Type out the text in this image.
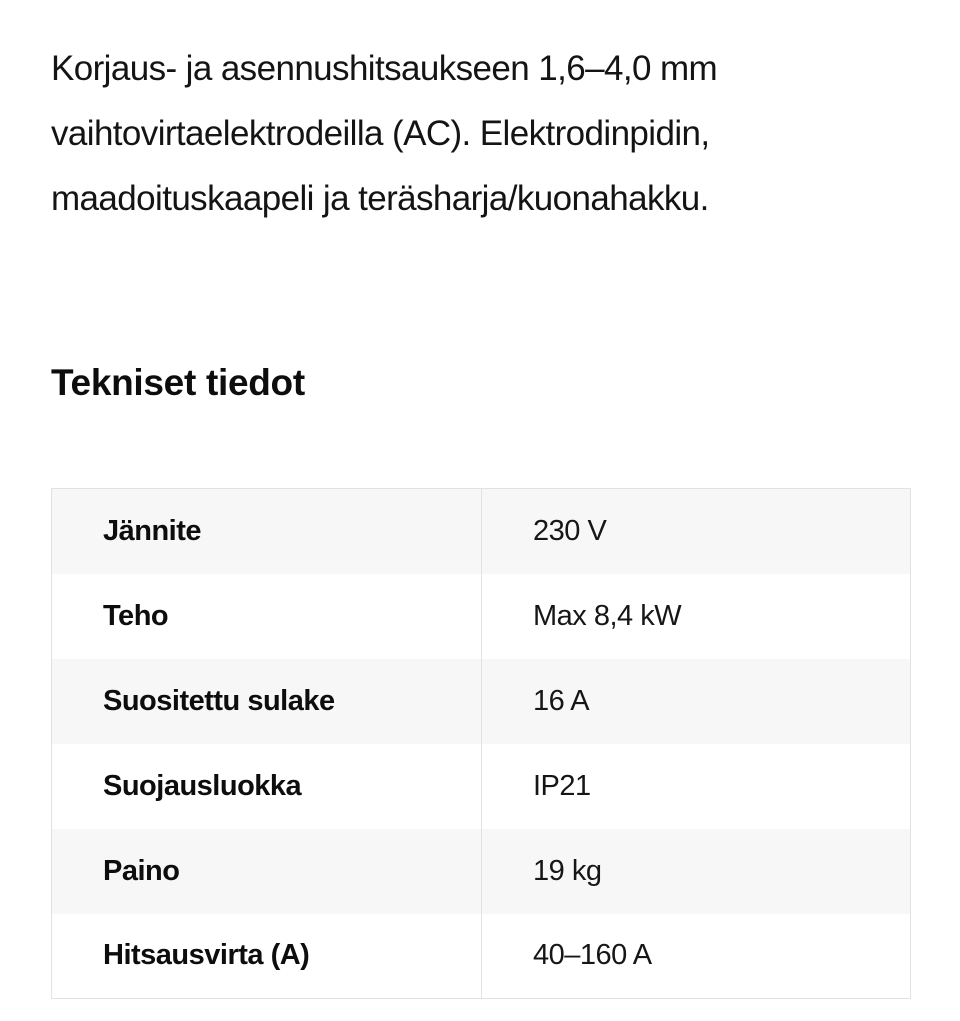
Korjaus- ja asennushitsaukseen 1,6–4,0 mm
vaihtovirtaelektrodeilla (AC). Elektrodinpidin,
maadoituskaapeli ja teräsharja/kuonahakku.

Tekniset tiedot
Jännite	230 V
Teho	Max 8,4 kW
Suositettu sulake	16 A
Suojausluokka	IP21
Paino	19 kg
Hitsausvirta (A)	40–160 A
